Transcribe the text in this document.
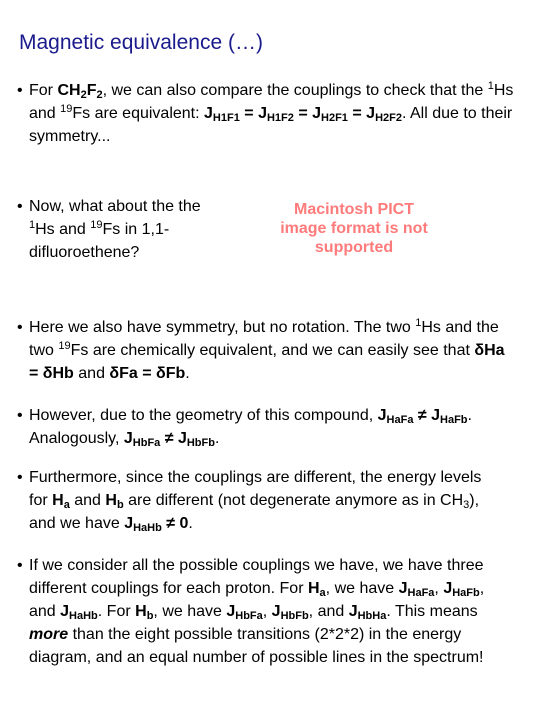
Magnetic equivalence (…)
• For $CH_2F_2$, we can also compare the couplings to check that the $^1$Hs and $^{19}$Fs are equivalent: $J_{H1F1} = J_{H1F2} = J_{H2F1} = J_{H2F2}$. All due to their symmetry...
• Now, what about the the $^1$Hs and $^{19}$Fs in 1,1-difluoroethene?
Macintosh PICT image format is not supported
• Here we also have symmetry, but no rotation. The two $^1$Hs and the two $^{19}$Fs are chemically equivalent, and we can easily see that δHa = δHb and δFa = δFb.
• However, due to the geometry of this compound, $J_{HaFa} \ne J_{HaFb}$. Analogously, $J_{HbFa} \ne J_{HbFb}$.
• Furthermore, since the couplings are different, the energy levels for $H_a$ and $H_b$ are different (not degenerate anymore as in $CH_3$), and we have $J_{HaHb} \ne 0$.
• If we consider all the possible couplings we have, we have three different couplings for each proton. For $H_a$, we have $J_{HaFa}$, $J_{HaFb}$, and $J_{HaHb}$. For $H_b$, we have $J_{HbFa}$, $J_{HbFb}$, and $J_{HbHa}$. This means more than the eight possible transitions (2*2*2) in the energy diagram, and an equal number of possible lines in the spectrum!
